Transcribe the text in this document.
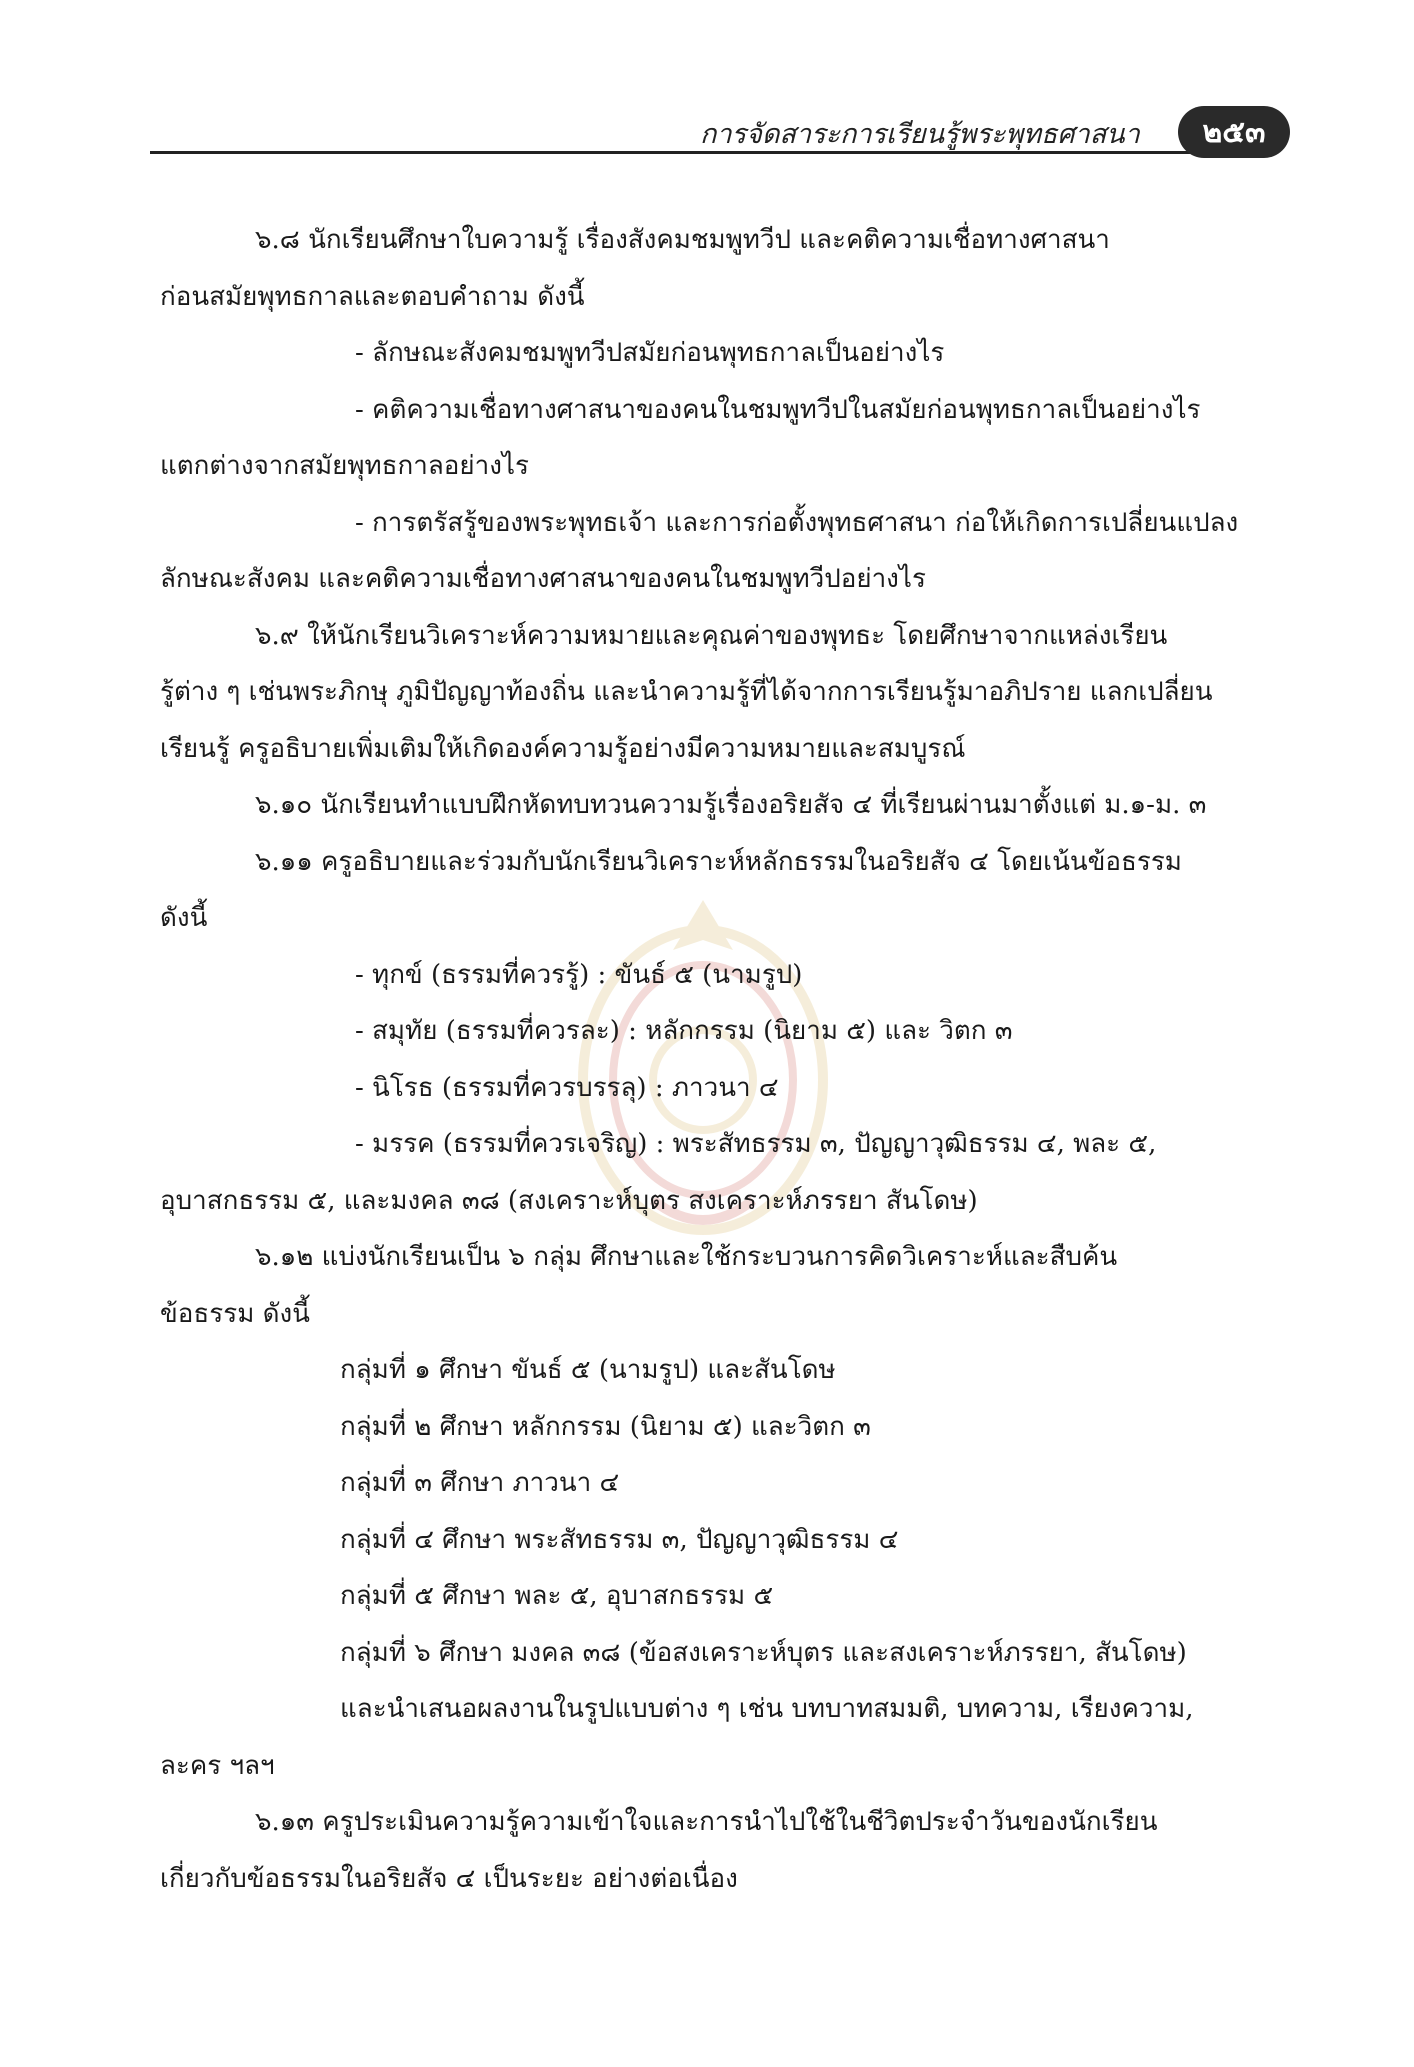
การจัดสาระการเรียนรู้พระพุทธศาสนา	๒๕๓
๖.๘ นักเรียนศึกษาใบความรู้ เรื่องสังคมชมพูทวีป และคติความเชื่อทางศาสนา
ก่อนสมัยพุทธกาลและตอบคำถาม ดังนี้
- ลักษณะสังคมชมพูทวีปสมัยก่อนพุทธกาลเป็นอย่างไร
- คติความเชื่อทางศาสนาของคนในชมพูทวีปในสมัยก่อนพุทธกาลเป็นอย่างไร
แตกต่างจากสมัยพุทธกาลอย่างไร
- การตรัสรู้ของพระพุทธเจ้า และการก่อตั้งพุทธศาสนา ก่อให้เกิดการเปลี่ยนแปลง
ลักษณะสังคม และคติความเชื่อทางศาสนาของคนในชมพูทวีปอย่างไร
๖.๙ ให้นักเรียนวิเคราะห์ความหมายและคุณค่าของพุทธะ โดยศึกษาจากแหล่งเรียน
รู้ต่าง ๆ เช่นพระภิกษุ ภูมิปัญญาท้องถิ่น และนำความรู้ที่ได้จากการเรียนรู้มาอภิปราย แลกเปลี่ยน
เรียนรู้ ครูอธิบายเพิ่มเติมให้เกิดองค์ความรู้อย่างมีความหมายและสมบูรณ์
๖.๑๐ นักเรียนทำแบบฝึกหัดทบทวนความรู้เรื่องอริยสัจ ๔ ที่เรียนผ่านมาตั้งแต่ ม.๑-ม. ๓
๖.๑๑ ครูอธิบายและร่วมกับนักเรียนวิเคราะห์หลักธรรมในอริยสัจ ๔ โดยเน้นข้อธรรม
ดังนี้
- ทุกข์ (ธรรมที่ควรรู้) : ขันธ์ ๕ (นามรูป)
- สมุทัย (ธรรมที่ควรละ) : หลักกรรม (นิยาม ๕) และ วิตก ๓
- นิโรธ (ธรรมที่ควรบรรลุ) : ภาวนา ๔
- มรรค (ธรรมที่ควรเจริญ) : พระสัทธรรม ๓, ปัญญาวุฒิธรรม ๔, พละ ๕,
อุบาสกธรรม ๕, และมงคล ๓๘ (สงเคราะห์บุตร สงเคราะห์ภรรยา สันโดษ)
๖.๑๒ แบ่งนักเรียนเป็น ๖ กลุ่ม ศึกษาและใช้กระบวนการคิดวิเคราะห์และสืบค้น
ข้อธรรม ดังนี้
กลุ่มที่ ๑ ศึกษา ขันธ์ ๕ (นามรูป) และสันโดษ
กลุ่มที่ ๒ ศึกษา หลักกรรม (นิยาม ๕) และวิตก ๓
กลุ่มที่ ๓ ศึกษา ภาวนา ๔
กลุ่มที่ ๔ ศึกษา พระสัทธรรม ๓, ปัญญาวุฒิธรรม ๔
กลุ่มที่ ๕ ศึกษา พละ ๕, อุบาสกธรรม ๕
กลุ่มที่ ๖ ศึกษา มงคล ๓๘ (ข้อสงเคราะห์บุตร และสงเคราะห์ภรรยา, สันโดษ)
และนำเสนอผลงานในรูปแบบต่าง ๆ เช่น บทบาทสมมติ, บทความ, เรียงความ,
ละคร ฯลฯ
๖.๑๓ ครูประเมินความรู้ความเข้าใจและการนำไปใช้ในชีวิตประจำวันของนักเรียน
เกี่ยวกับข้อธรรมในอริยสัจ ๔ เป็นระยะ อย่างต่อเนื่อง
